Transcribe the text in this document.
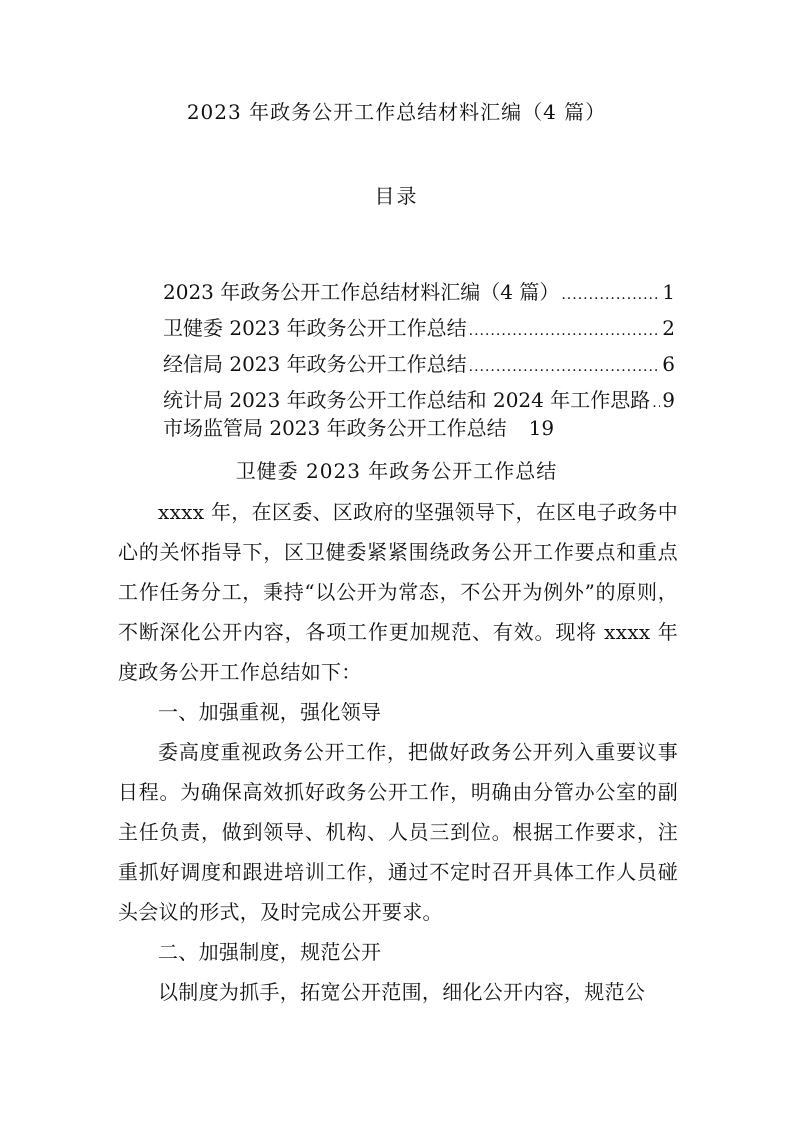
2023 年政务公开工作总结材料汇编（4 篇）
目录
2023 年政务公开工作总结材料汇编（4 篇） .....	1
卫健委 2023 年政务公开工作总结 .....	2
经信局 2023 年政务公开工作总结 .....	6
统计局 2023 年政务公开工作总结和 2024 年工作思路 ..... 9
市场监管局 2023 年政务公开工作总结 19
卫健委 2023 年政务公开工作总结

xxxx 年，在区委、区政府的坚强领导下，在区电子政务中心的关怀指导下，区卫健委紧紧围绕政务公开工作要点和重点工作任务分工，秉持“以公开为常态，不公开为例外”的原则，不断深化公开内容，各项工作更加规范、有效。现将 xxxx 年度政务公开工作总结如下：

一、加强重视，强化领导

委高度重视政务公开工作，把做好政务公开列入重要议事日程。为确保高效抓好政务公开工作，明确由分管办公室的副主任负责，做到领导、机构、人员三到位。根据工作要求，注重抓好调度和跟进培训工作，通过不定时召开具体工作人员碰头会议的形式，及时完成公开要求。

二、加强制度，规范公开

以制度为抓手，拓宽公开范围，细化公开内容，规范公
